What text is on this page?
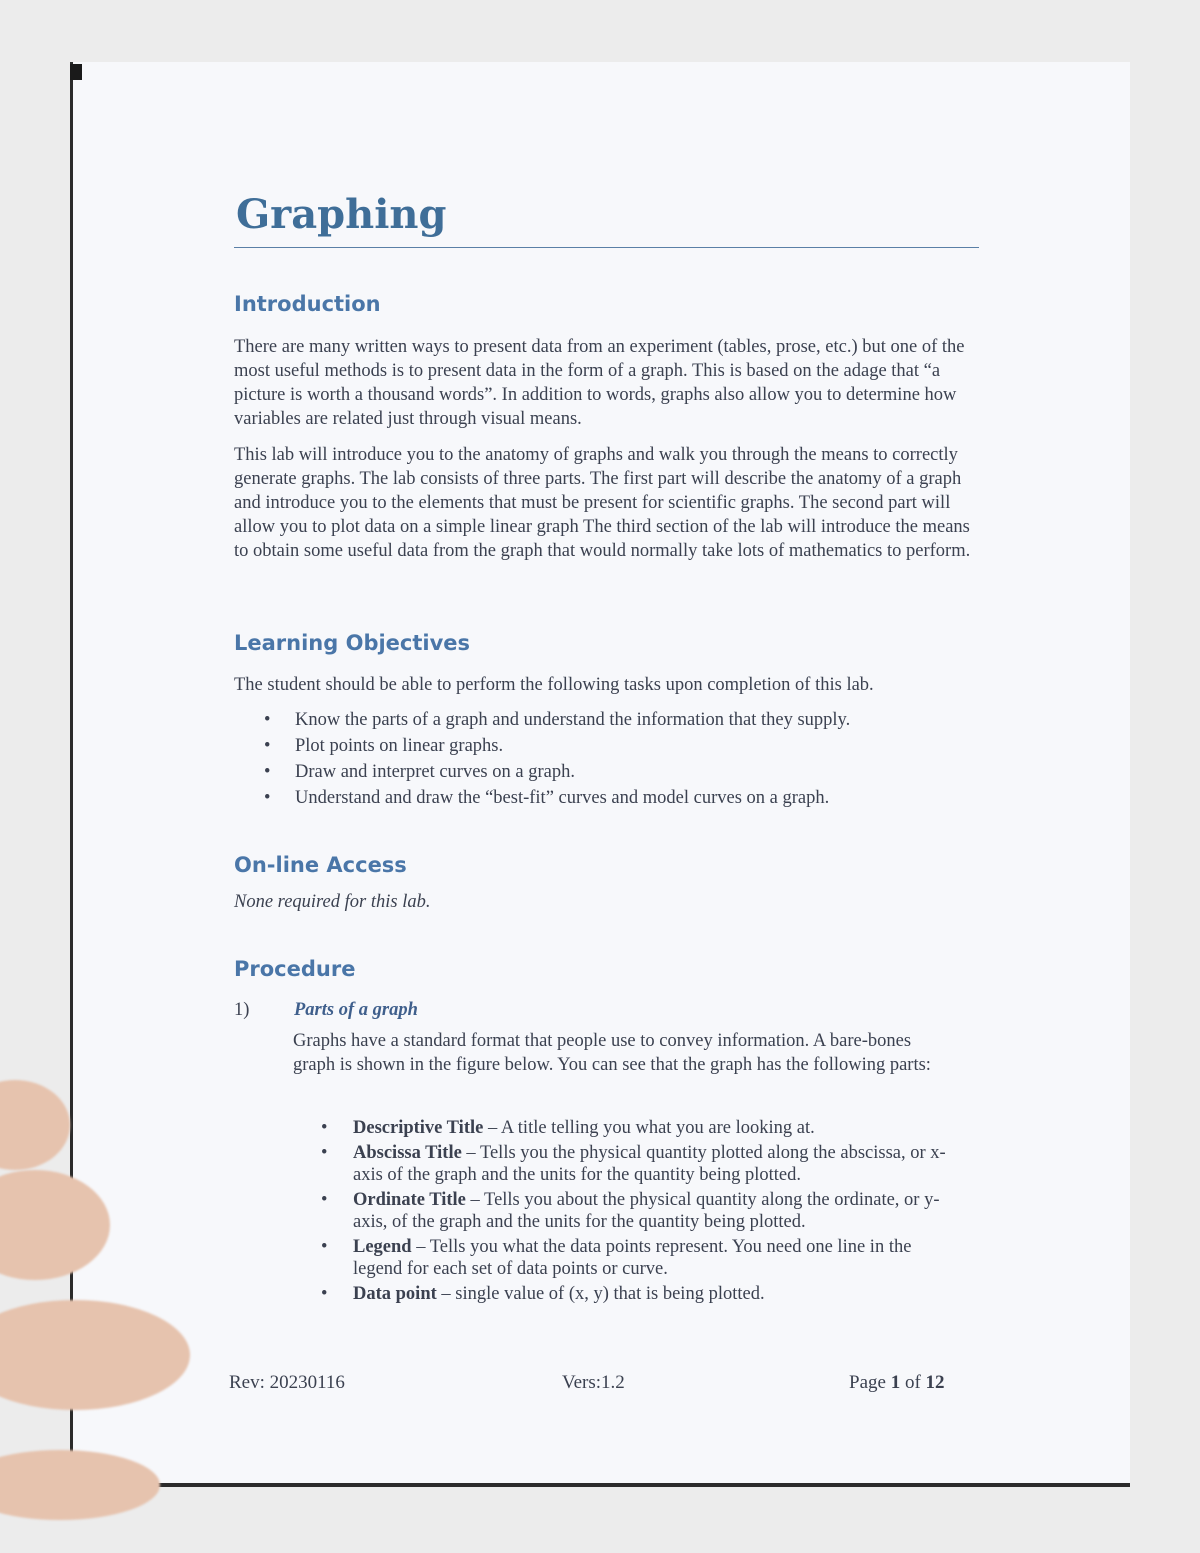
Graphing
Introduction

There are many written ways to present data from an experiment (tables, prose, etc.) but one of the most useful methods is to present data in the form of a graph. This is based on the adage that “a picture is worth a thousand words”. In addition to words, graphs also allow you to determine how variables are related just through visual means.

This lab will introduce you to the anatomy of graphs and walk you through the means to correctly generate graphs. The lab consists of three parts. The first part will describe the anatomy of a graph and introduce you to the elements that must be present for scientific graphs. The second part will allow you to plot data on a simple linear graph The third section of the lab will introduce the means to obtain some useful data from the graph that would normally take lots of mathematics to perform.

Learning Objectives

The student should be able to perform the following tasks upon completion of this lab.

• Know the parts of a graph and understand the information that they supply.
• Plot points on linear graphs.
• Draw and interpret curves on a graph.
• Understand and draw the “best-fit” curves and model curves on a graph.
On-line Access

None required for this lab.

Procedure
1) Parts of a graph

Graphs have a standard format that people use to convey information. A bare-bones graph is shown in the figure below. You can see that the graph has the following parts:

• Descriptive Title – A title telling you what you are looking at.
• Abscissa Title – Tells you the physical quantity plotted along the abscissa, or x-axis of the graph and the units for the quantity being plotted.
• Ordinate Title – Tells you about the physical quantity along the ordinate, or y- axis, of the graph and the units for the quantity being plotted.
• Legend – Tells you what the data points represent. You need one line in the legend for each set of data points or curve.
• Data point – single value of (x, y) that is being plotted.
Rev: 20230116	Vers:1.2	Page 1 of 12
